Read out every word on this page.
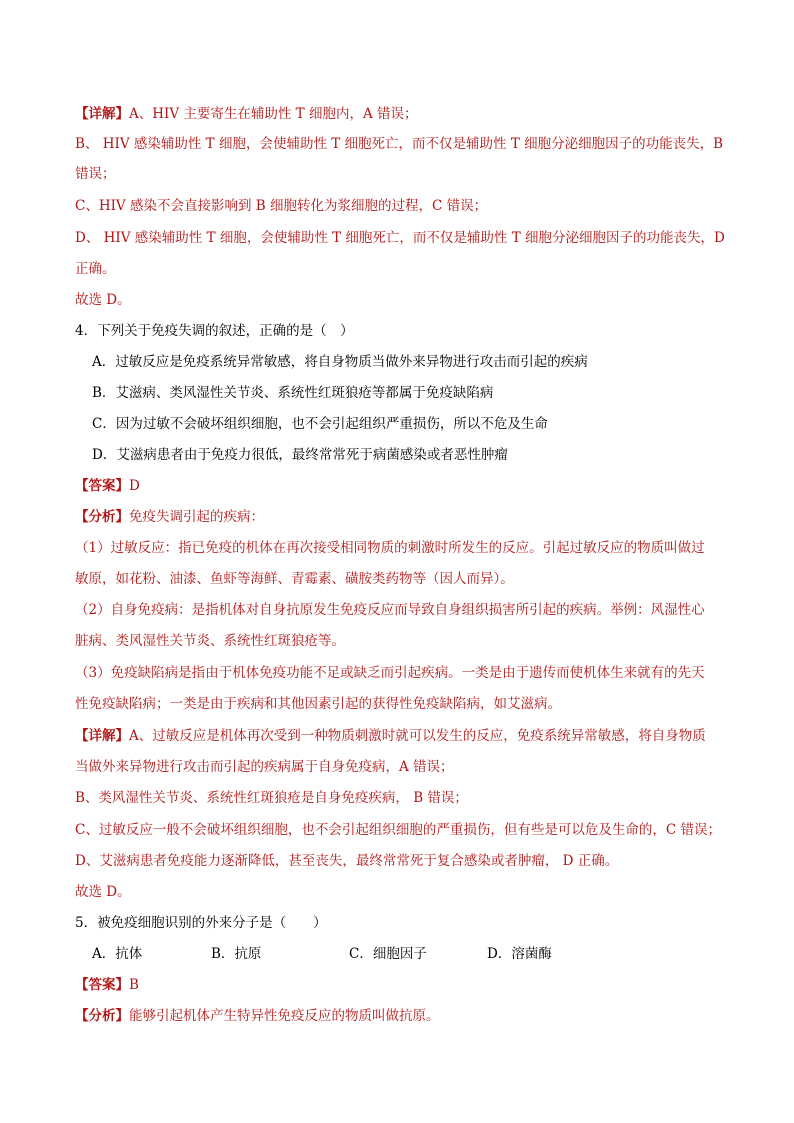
【详解】A、HIV 主要寄生在辅助性 T 细胞内，A 错误；
B、 HIV 感染辅助性 T 细胞，会使辅助性 T 细胞死亡，而不仅是辅助性 T 细胞分泌细胞因子的功能丧失，B
错误；
C、HIV 感染不会直接影响到 B 细胞转化为浆细胞的过程，C 错误；
D、 HIV 感染辅助性 T 细胞，会使辅助性 T 细胞死亡，而不仅是辅助性 T 细胞分泌细胞因子的功能丧失，D
正确。
故选 D。
4．下列关于免疫失调的叙述，正确的是（　）
A．过敏反应是免疫系统异常敏感，将自身物质当做外来异物进行攻击而引起的疾病
B．艾滋病、类风湿性关节炎、系统性红斑狼疮等都属于免疫缺陷病
C．因为过敏不会破坏组织细胞，也不会引起组织严重损伤，所以不危及生命
D．艾滋病患者由于免疫力很低，最终常常死于病菌感染或者恶性肿瘤
【答案】D
【分析】免疫失调引起的疾病：
（1）过敏反应：指已免疫的机体在再次接受相同物质的刺激时所发生的反应。引起过敏反应的物质叫做过
敏原，如花粉、油漆、鱼虾等海鲜、青霉素、磺胺类药物等（因人而异）。
（2）自身免疫病：是指机体对自身抗原发生免疫反应而导致自身组织损害所引起的疾病。举例：风湿性心
脏病、类风湿性关节炎、系统性红斑狼疮等。
（3）免疫缺陷病是指由于机体免疫功能不足或缺乏而引起疾病。一类是由于遗传而使机体生来就有的先天
性免疫缺陷病；一类是由于疾病和其他因素引起的获得性免疫缺陷病，如艾滋病。
【详解】A、过敏反应是机体再次受到一种物质刺激时就可以发生的反应，免疫系统异常敏感，将自身物质
当做外来异物进行攻击而引起的疾病属于自身免疫病，A 错误；
B、类风湿性关节炎、系统性红斑狼疮是自身免疫疾病， B 错误；
C、过敏反应一般不会破坏组织细胞，也不会引起组织细胞的严重损伤，但有些是可以危及生命的，C 错误；
D、艾滋病患者免疫能力逐渐降低，甚至丧失，最终常常死于复合感染或者肿瘤， D 正确。
故选 D。
5．被免疫细胞识别的外来分子是（　　）
A．抗体	B．抗原	C．细胞因子	D．溶菌酶
【答案】B
【分析】能够引起机体产生特异性免疫反应的物质叫做抗原。
